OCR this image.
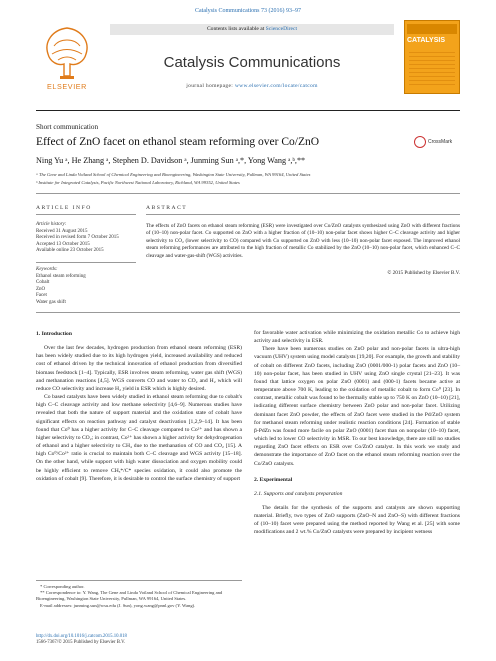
Catalysis Communications 73 (2016) 93–97
ELSEVIER
Contents lists available at ScienceDirect
Catalysis Communications
journal homepage: www.elsevier.com/locate/catcom
CATALYSIS
Short communication
Effect of ZnO facet on ethanol steam reforming over Co/ZnO	CrossMark
Ning Yu ᵃ, He Zhang ᵃ, Stephen D. Davidson ᵃ, Junming Sun ᵃ,*, Yong Wang ᵃ,ᵇ,**
ᵃ The Gene and Linda Voiland School of Chemical Engineering and Bioengineering, Washington State University, Pullman, WA 99164, United States
ᵇ Institute for Integrated Catalysis, Pacific Northwest National Laboratory, Richland, WA 99352, United States
ARTICLE INFO	ABSTRACT
Article history:
Received 31 August 2015
Received in revised form 7 October 2015
Accepted 13 October 2015
Available online 23 October 2015
Keywords:
Ethanol steam reforming
Cobalt
ZnO
Facet
Water gas shift
The effects of ZnO facets on ethanol steam reforming (ESR) were investigated over Co/ZnO catalysts synthesized using ZnO with different fractions of (10–10) non-polar facet. Co supported on ZnO with a higher fraction of (10–10) non-polar facet shows higher C–C cleavage activity and higher selectivity to CO₂ (lower selectivity to CO) compared with Co supported on ZnO with less (10–10) non-polar facet exposed. The improved ethanol steam reforming performances are attributed to the high fraction of metallic Co stabilized by the ZnO (10–10) non-polar facet, which enhanced C–C cleavage and water-gas-shift (WGS) activities.
© 2015 Published by Elsevier B.V.
1. Introduction

Over the last few decades, hydrogen production from ethanol steam reforming (ESR) has been widely studied due to its high hydrogen yield, increased availability and reduced cost of ethanol driven by the technical innovation of ethanol production from diversified biomass feedstock [1–4]. Typically, ESR involves steam reforming, water gas shift (WGS) and methanation reactions [4,5]. WGS converts CO and water to CO₂ and H₂ which will reduce CO selectivity and increase H₂ yield in ESR which is highly desired.

Co based catalysts have been widely studied in ethanol steam reforming due to cobalt's high C–C cleavage activity and low methane selectivity [4,6–9]. Numerous studies have revealed that both the nature of support material and the oxidation state of cobalt have significant effects on reaction pathway and catalyst deactivation [1,2,9–14]. It has been found that Co⁰ has a higher activity for C–C cleavage compared to Co²⁺ and has shown a higher selectivity to CO₂; in contrast, Co²⁺ has shown a higher activity for dehydrogenation of ethanol and a higher selectivity to CH₄ due to the methanation of CO and CO₂ [15]. A high Co⁰/Co²⁺ ratio is crucial to maintain both C–C cleavage and WGS activity [15–18]. On the other hand, while support with high water dissociation and oxygen mobility could be highly efficient to remove CHₓ*/C* species oxidation, it could also promote the oxidation of cobalt [9]. Therefore, it is desirable to control the surface chemistry of support

* Corresponding author.

** Correspondence to: Y. Wang, The Gene and Linda Voiland School of Chemical Engineering and Bioengineering, Washington State University, Pullman, WA 99164, United States.

E-mail addresses: junming.sun@wsu.edu (J. Sun), yong.wang@pnnl.gov (Y. Wang).

http://dx.doi.org/10.1016/j.catcom.2015.10.018
1566-7367/© 2015 Published by Elsevier B.V.

for favorable water activation while minimizing the oxidation metallic Co to achieve high activity and selectivity in ESR.

There have been numerous studies on ZnO polar and non-polar facets in ultra-high vacuum (UHV) system using model catalysts [19,20]. For example, the growth and stability of cobalt on different ZnO facets, including ZnO (0001/000-1) polar facets and ZnO (10–10) non-polar facet, has been studied in UHV using ZnO single crystal [21–23]. It was found that lattice oxygen on polar ZnO (0001) and (000-1) facets became active at temperature above 700 K, leading to the oxidation of metallic cobalt to form Co⁰ [23]. In contrast, metallic cobalt was found to be thermally stable up to 750 K on ZnO (10–10) [21], indicating different surface chemistry between ZnO polar and non-polar facet. Utilizing dominant facet ZnO powder, the effects of ZnO facet were studied in the Pd/ZnO system for methanol steam reforming under realistic reaction conditions [24]. Formation of stable β-PdZn was found more facile on polar ZnO (0001) facet than on nonpolar (10–10) facet, which led to lower CO selectivity in MSR. To our best knowledge, there are still no studies regarding ZnO facet effects on ESR over Co/ZnO catalyst. In this work we study and demonstrate the importance of ZnO facet on the ethanol steam reforming reaction over the Co/ZnO catalysts.

2. Experimental
2.1. Supports and catalysts preparation

The details for the synthesis of the supports and catalysts are shown supporting material. Briefly, two types of ZnO supports (ZnO–N and ZnO–S) with different fractions of (10–10) facet were prepared using the method reported by Wang et al. [25] with some modifications and 2 wt.% Co/ZnO catalysts were prepared by incipient wetness
